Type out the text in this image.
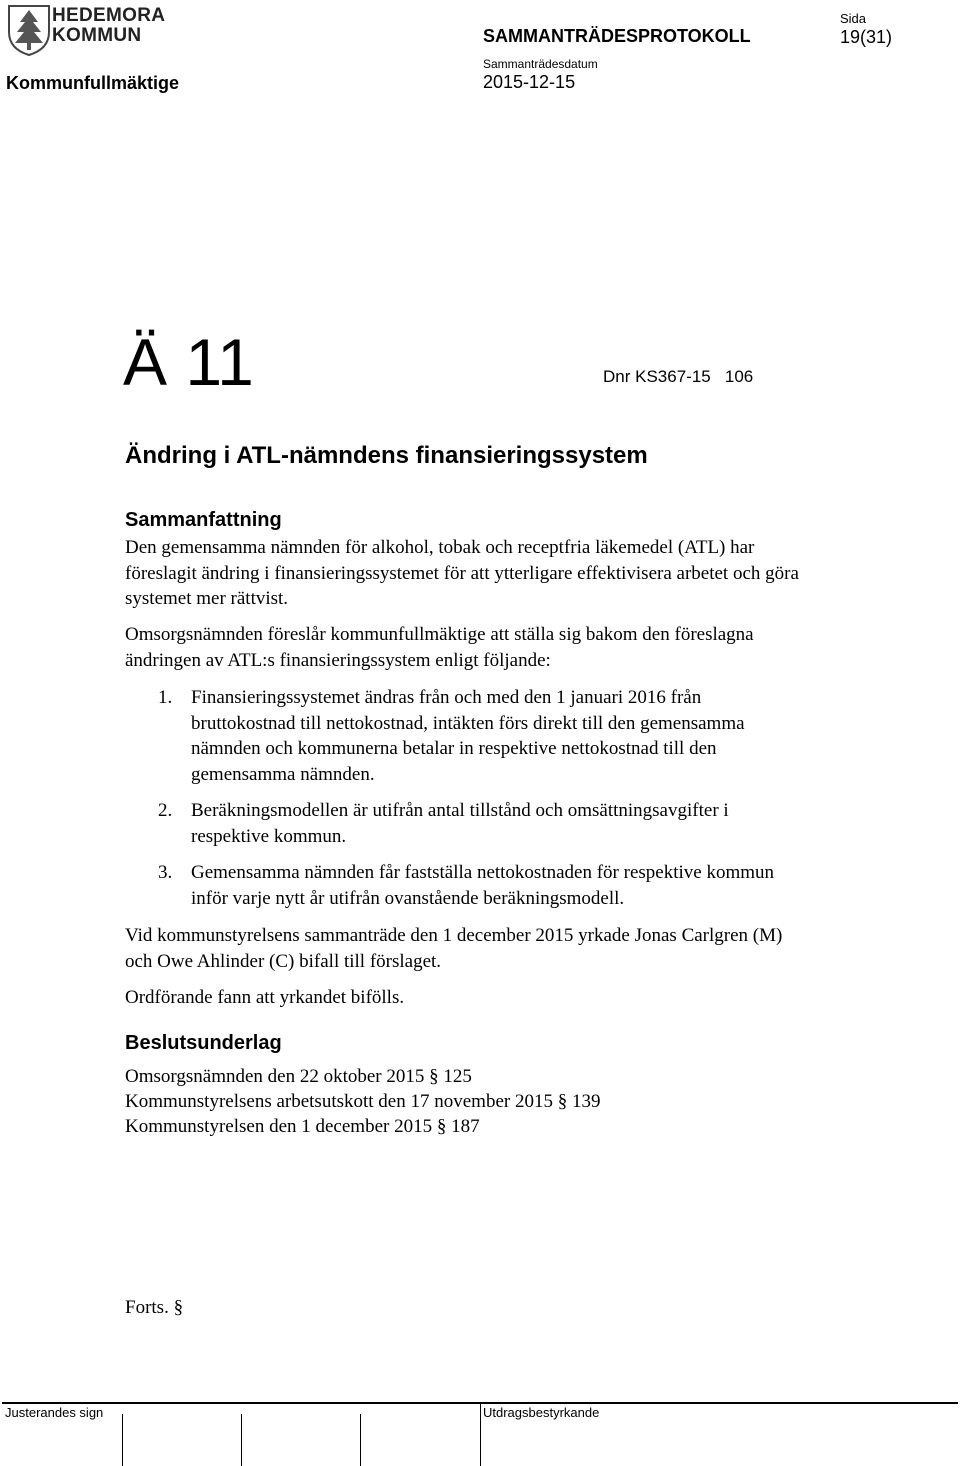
HEDEMORA
KOMMUN
Kommunfullmäktige
SAMMANTRÄDESPROTOKOLL
Sammanträdesdatum
2015-12-15
Sida
19(31)
Ä 11	Dnr KS367-15   106
Ändring i ATL-nämndens finansieringssystem
Sammanfattning

Den gemensamma nämnden för alkohol, tobak och receptfria läkemedel (ATL) har föreslagit ändring i finansieringssystemet för att ytterligare effektivisera arbetet och göra systemet mer rättvist.

Omsorgsnämnden föreslår kommunfullmäktige att ställa sig bakom den föreslagna ändringen av ATL:s finansieringssystem enligt följande:

1. Finansieringssystemet ändras från och med den 1 januari 2016 från bruttokostnad till nettokostnad, intäkten förs direkt till den gemensamma nämnden och kommunerna betalar in respektive nettokostnad till den gemensamma nämnden.
2. Beräkningsmodellen är utifrån antal tillstånd och omsättningsavgifter i respektive kommun.
3. Gemensamma nämnden får fastställa nettokostnaden för respektive kommun inför varje nytt år utifrån ovanstående beräkningsmodell.

Vid kommunstyrelsens sammanträde den 1 december 2015 yrkade Jonas Carlgren (M) och Owe Ahlinder (C) bifall till förslaget.

Ordförande fann att yrkandet bifölls.

Beslutsunderlag
Omsorgsnämnden den 22 oktober 2015 § 125
Kommunstyrelsens arbetsutskott den 17 november 2015 § 139
Kommunstyrelsen den 1 december 2015 § 187
Forts. §
Justerandes sign	Utdragsbestyrkande
